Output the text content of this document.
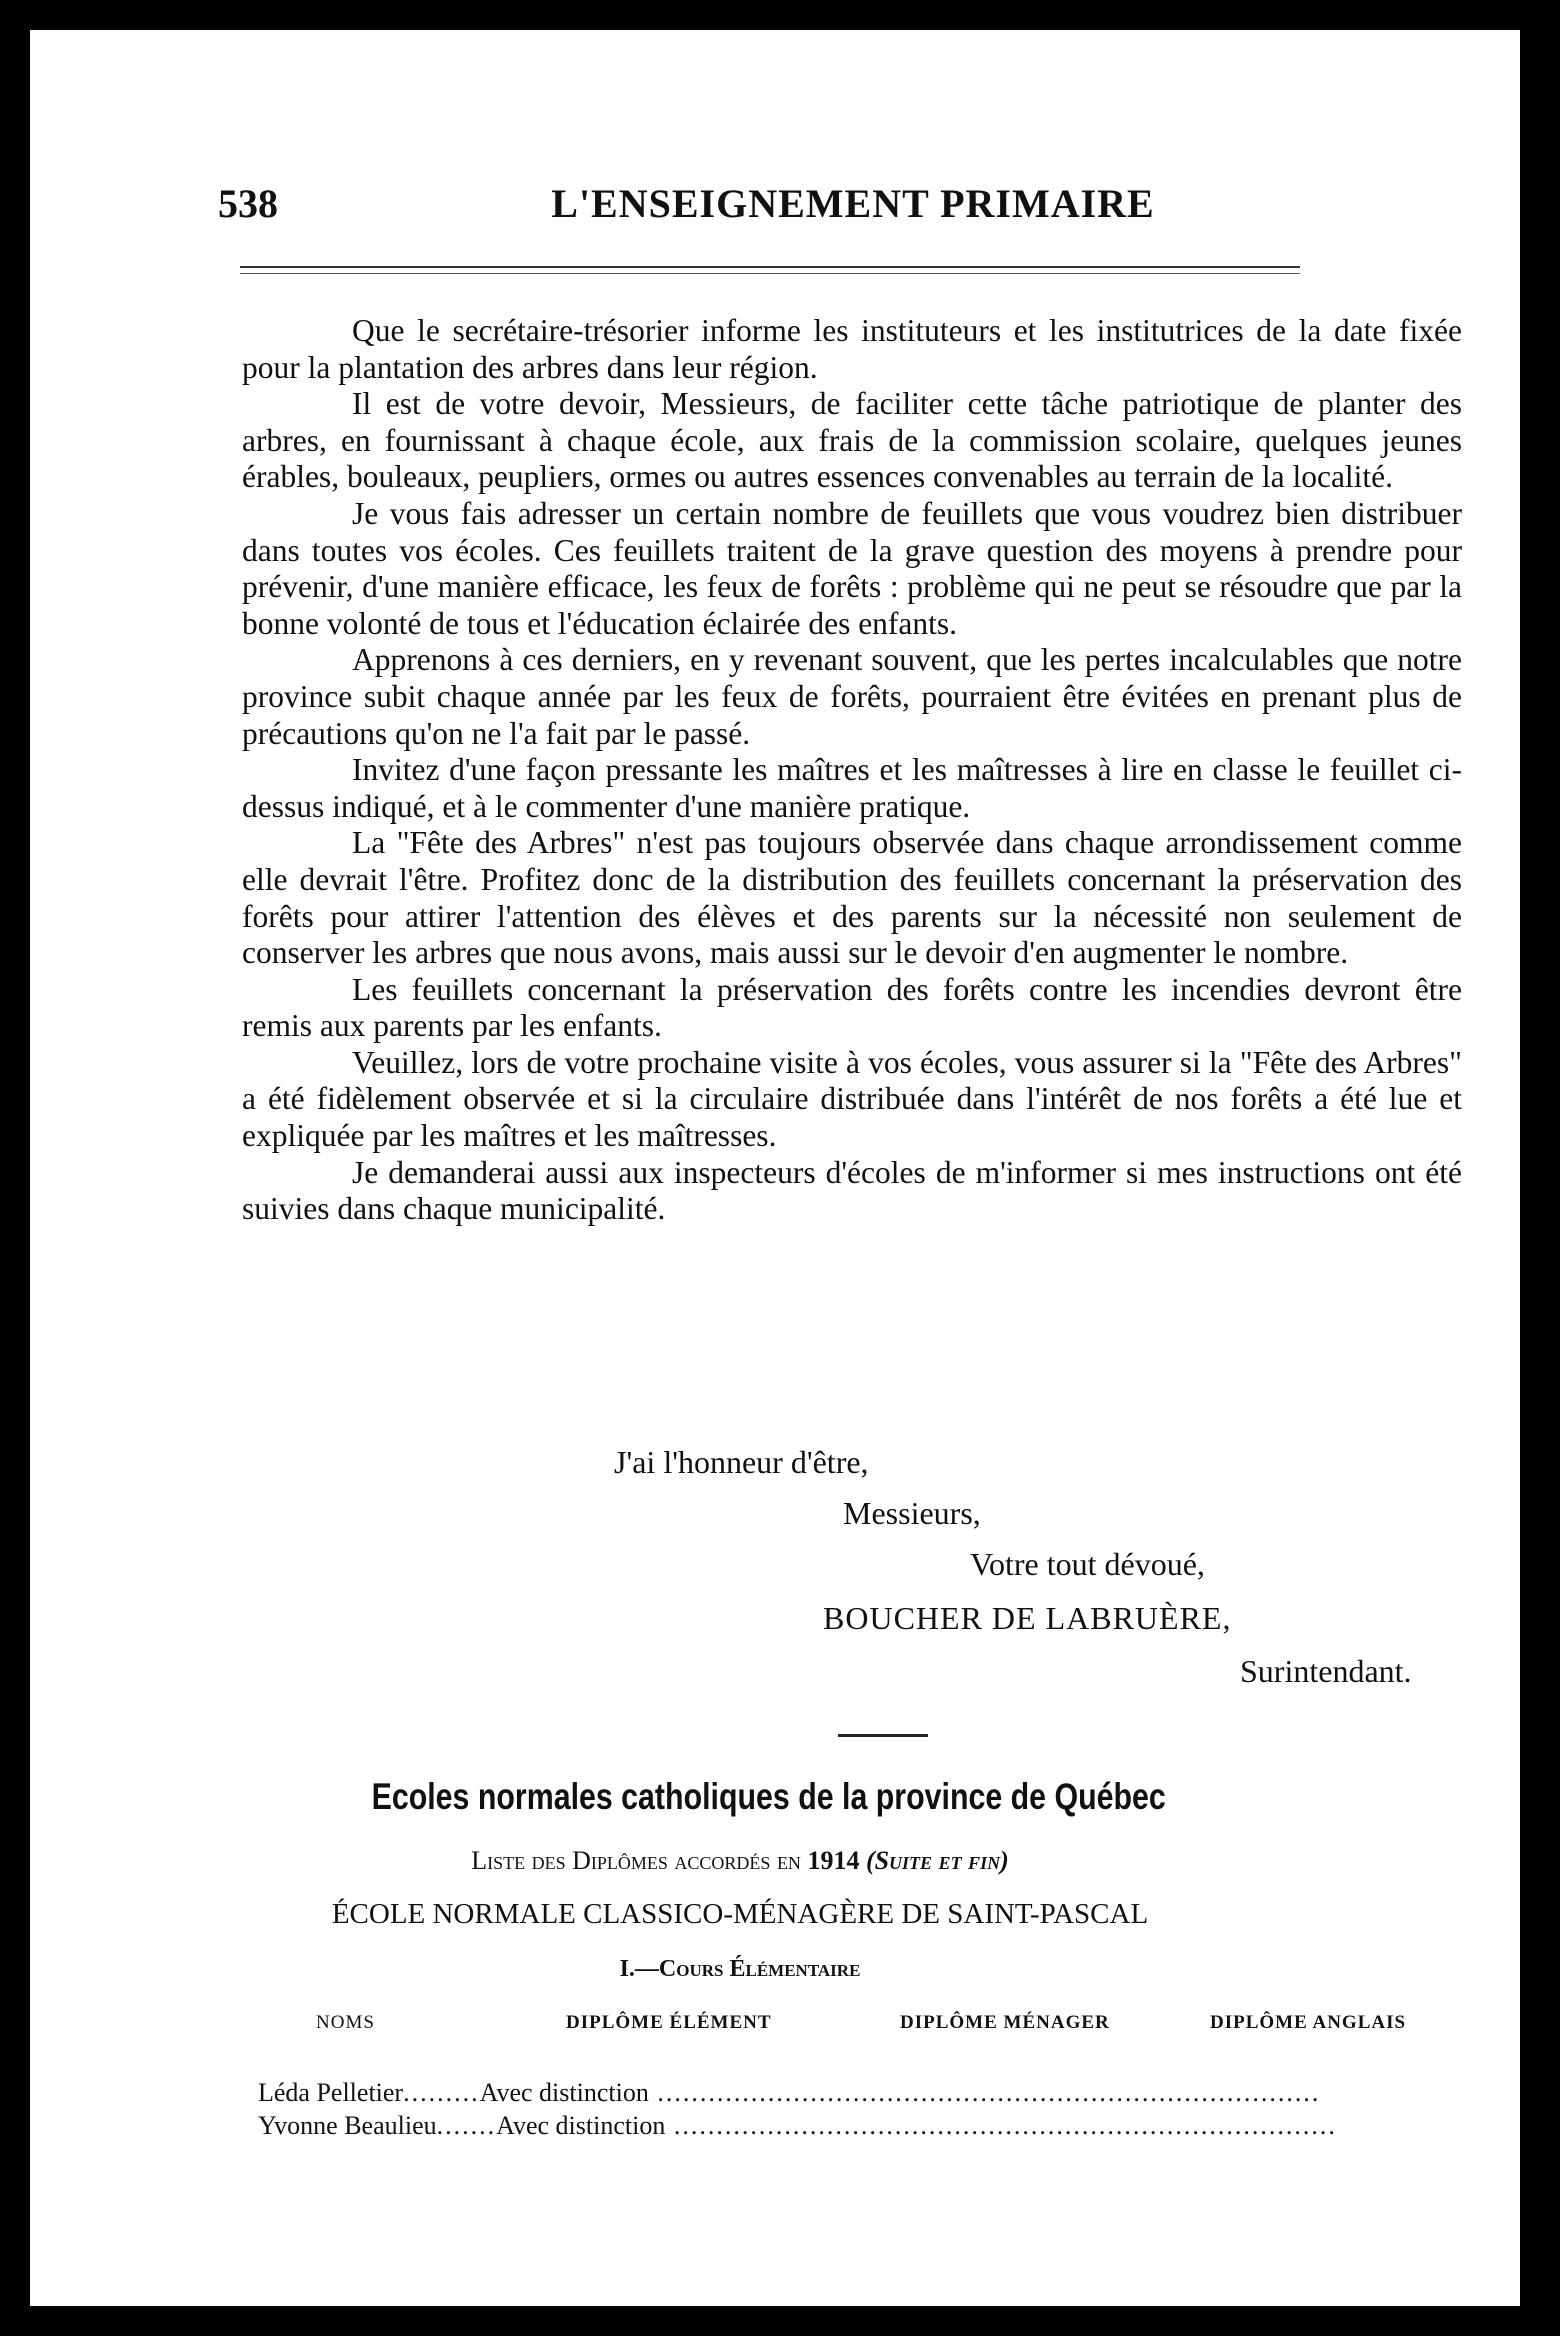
538	L'ENSEIGNEMENT PRIMAIRE

Que le secrétaire-trésorier informe les instituteurs et les institutrices de la date fixée pour la plantation des arbres dans leur région.

Il est de votre devoir, Messieurs, de faciliter cette tâche patriotique de planter des arbres, en fournissant à chaque école, aux frais de la commission scolaire, quelques jeunes érables, bouleaux, peupliers, ormes ou autres essences convenables au terrain de la localité.

Je vous fais adresser un certain nombre de feuillets que vous voudrez bien distribuer dans toutes vos écoles. Ces feuillets traitent de la grave question des moyens à prendre pour prévenir, d'une manière efficace, les feux de forêts : problème qui ne peut se résoudre que par la bonne volonté de tous et l'éducation éclairée des enfants.

Apprenons à ces derniers, en y revenant souvent, que les pertes incalculables que notre province subit chaque année par les feux de forêts, pourraient être évitées en prenant plus de précautions qu'on ne l'a fait par le passé.

Invitez d'une façon pressante les maîtres et les maîtresses à lire en classe le feuillet ci-dessus indiqué, et à le commenter d'une manière pratique.

La "Fête des Arbres" n'est pas toujours observée dans chaque arrondissement comme elle devrait l'être. Profitez donc de la distribution des feuillets concernant la préservation des forêts pour attirer l'attention des élèves et des parents sur la nécessité non seulement de conserver les arbres que nous avons, mais aussi sur le devoir d'en augmenter le nombre.

Les feuillets concernant la préservation des forêts contre les incendies devront être remis aux parents par les enfants.

Veuillez, lors de votre prochaine visite à vos écoles, vous assurer si la "Fête des Arbres" a été fidèlement observée et si la circulaire distribuée dans l'intérêt de nos forêts a été lue et expliquée par les maîtres et les maîtresses.

Je demanderai aussi aux inspecteurs d'écoles de m'informer si mes instructions ont été suivies dans chaque municipalité.

J'ai l'honneur d'être,
Messieurs,
Votre tout dévoué,
BOUCHER DE LABRUÈRE,
Surintendant.
Ecoles normales catholiques de la province de Québec
Liste des Diplômes accordés en 1914 (Suite et fin)
ÉCOLE NORMALE CLASSICO-MÉNAGÈRE DE SAINT-PASCAL
I.—Cours Élémentaire
NOMS	DIPLÔME ÉLÉMENT	DIPLÔME MÉNAGER	DIPLÔME ANGLAIS
Léda Pelletier.........Avec distinction ..............................................................................
Yvonne Beaulieu.......Avec distinction ..............................................................................
